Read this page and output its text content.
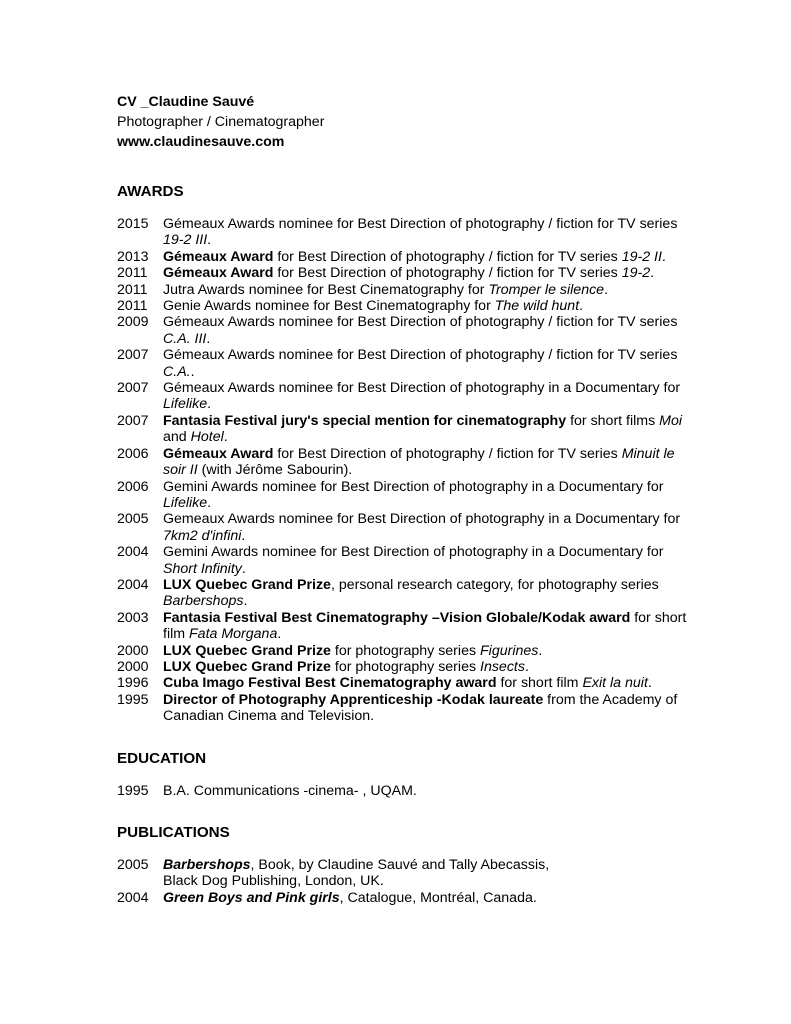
CV _Claudine Sauvé

Photographer / Cinematographer

www.claudinesauve.com

AWARDS

2015	Gémeaux Awards nominee for Best Direction of photography / fiction for TV series 19-2 III.
2013	Gémeaux Award for Best Direction of photography / fiction for TV series 19-2 II.
2011	Gémeaux Award for Best Direction of photography / fiction for TV series 19-2.
2011	Jutra Awards nominee for Best Cinematography for Tromper le silence.
2011	Genie Awards nominee for Best Cinematography for The wild hunt.
2009	Gémeaux Awards nominee for Best Direction of photography / fiction for TV series C.A. III.
2007	Gémeaux Awards nominee for Best Direction of photography / fiction for TV series C.A..
2007	Gémeaux Awards nominee for Best Direction of photography in a Documentary for Lifelike.
2007	Fantasia Festival jury's special mention for cinematography for short films Moi and Hotel.
2006	Gémeaux Award for Best Direction of photography / fiction for TV series Minuit le soir II (with Jérôme Sabourin).
2006	Gemini Awards nominee for Best Direction of photography in a Documentary for Lifelike.
2005	Gemeaux Awards nominee for Best Direction of photography in a Documentary for 7km2 d'infini.
2004	Gemini Awards nominee for Best Direction of photography in a Documentary for Short Infinity.
2004	LUX Quebec Grand Prize, personal research category, for photography series Barbershops.
2003	Fantasia Festival Best Cinematography –Vision Globale/Kodak award for short film Fata Morgana.
2000	LUX Quebec Grand Prize for photography series Figurines.
2000	LUX Quebec Grand Prize for photography series Insects.
1996	Cuba Imago Festival Best Cinematography award for short film Exit la nuit.
1995	Director of Photography Apprenticeship -Kodak laureate from the Academy of Canadian Cinema and Television.

EDUCATION

1995	B.A. Communications -cinema- , UQAM.

PUBLICATIONS

2005	Barbershops, Book, by Claudine Sauvé and Tally Abecassis,
Black Dog Publishing, London, UK.
2004	Green Boys and Pink girls, Catalogue, Montréal, Canada.
